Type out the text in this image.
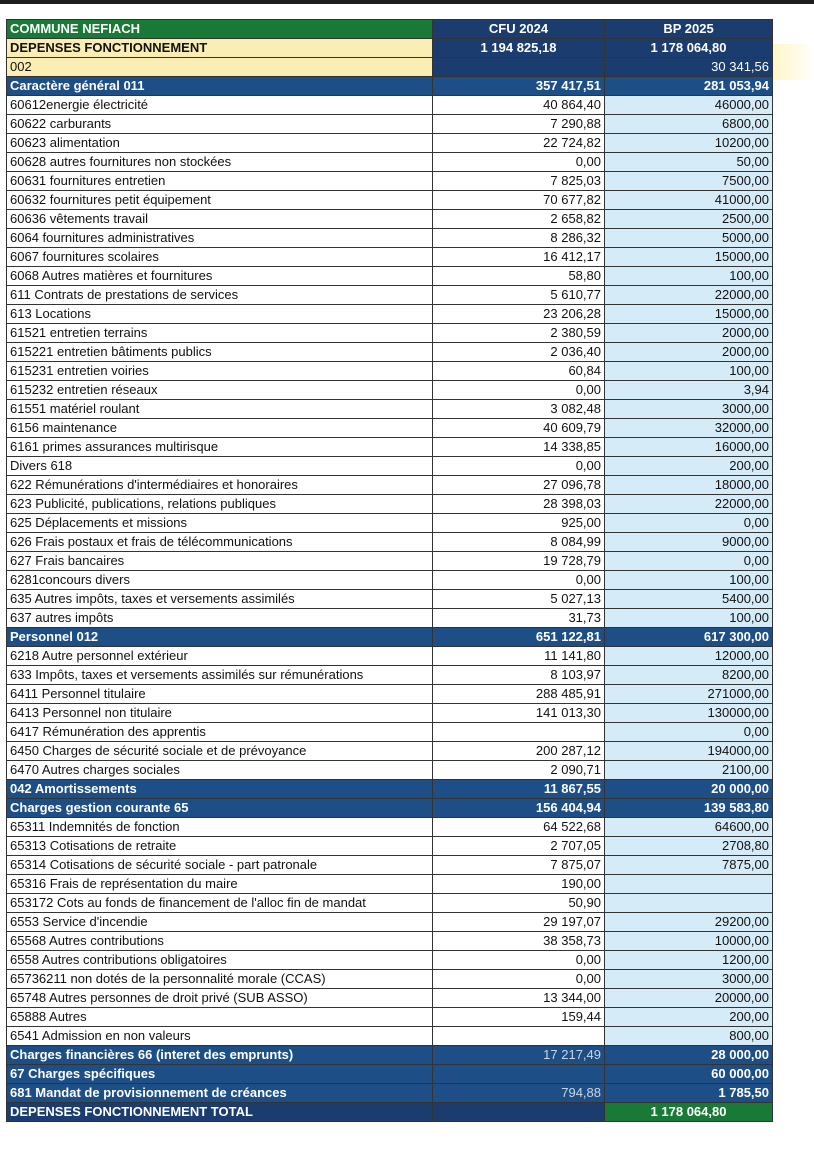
COMMUNE NEFIACH	CFU 2024	BP 2025
DEPENSES FONCTIONNEMENT	1 194 825,18	1 178 064,80
002		30 341,56
Caractère général 011	357 417,51	281 053,94
60612energie électricité	40 864,40	46000,00
60622 carburants	7 290,88	6800,00
60623 alimentation	22 724,82	10200,00
60628 autres fournitures non stockées	0,00	50,00
60631 fournitures entretien	7 825,03	7500,00
60632 fournitures petit équipement	70 677,82	41000,00
60636 vêtements travail	2 658,82	2500,00
6064 fournitures administratives	8 286,32	5000,00
6067 fournitures scolaires	16 412,17	15000,00
6068 Autres matières et fournitures	58,80	100,00
611 Contrats de prestations de services	5 610,77	22000,00
613 Locations	23 206,28	15000,00
61521 entretien terrains	2 380,59	2000,00
615221 entretien bâtiments publics	2 036,40	2000,00
615231 entretien voiries	60,84	100,00
615232 entretien réseaux	0,00	3,94
61551 matériel roulant	3 082,48	3000,00
6156 maintenance	40 609,79	32000,00
6161 primes assurances multirisque	14 338,85	16000,00
Divers 618	0,00	200,00
622 Rémunérations d'intermédiaires et honoraires	27 096,78	18000,00
623 Publicité, publications, relations publiques	28 398,03	22000,00
625 Déplacements et missions	925,00	0,00
626 Frais postaux et frais de télécommunications	8 084,99	9000,00
627 Frais bancaires	19 728,79	0,00
6281concours divers	0,00	100,00
635 Autres impôts, taxes et versements assimilés	5 027,13	5400,00
637 autres impôts	31,73	100,00
Personnel 012	651 122,81	617 300,00
6218 Autre personnel extérieur	11 141,80	12000,00
633 Impôts, taxes et versements assimilés sur rémunérations	8 103,97	8200,00
6411 Personnel titulaire	288 485,91	271000,00
6413 Personnel non titulaire	141 013,30	130000,00
6417 Rémunération des apprentis		0,00
6450 Charges de sécurité sociale et de prévoyance	200 287,12	194000,00
6470 Autres charges sociales	2 090,71	2100,00
042 Amortissements	11 867,55	20 000,00
Charges gestion courante 65	156 404,94	139 583,80
65311 Indemnités de fonction	64 522,68	64600,00
65313 Cotisations de retraite	2 707,05	2708,80
65314 Cotisations de sécurité sociale - part patronale	7 875,07	7875,00
65316 Frais de représentation du maire	190,00	
653172 Cots au fonds de financement de l'alloc fin de mandat	50,90	
6553 Service d'incendie	29 197,07	29200,00
65568 Autres contributions	38 358,73	10000,00
6558 Autres contributions obligatoires	0,00	1200,00
65736211 non dotés de la personnalité morale (CCAS)	0,00	3000,00
65748 Autres personnes de droit privé (SUB ASSO)	13 344,00	20000,00
65888 Autres	159,44	200,00
6541 Admission en non valeurs		800,00
Charges financières 66 (interet des emprunts)	17 217,49	28 000,00
67 Charges spécifiques		60 000,00
681 Mandat de provisionnement de créances	794,88	1 785,50
DEPENSES FONCTIONNEMENT TOTAL		1 178 064,80
